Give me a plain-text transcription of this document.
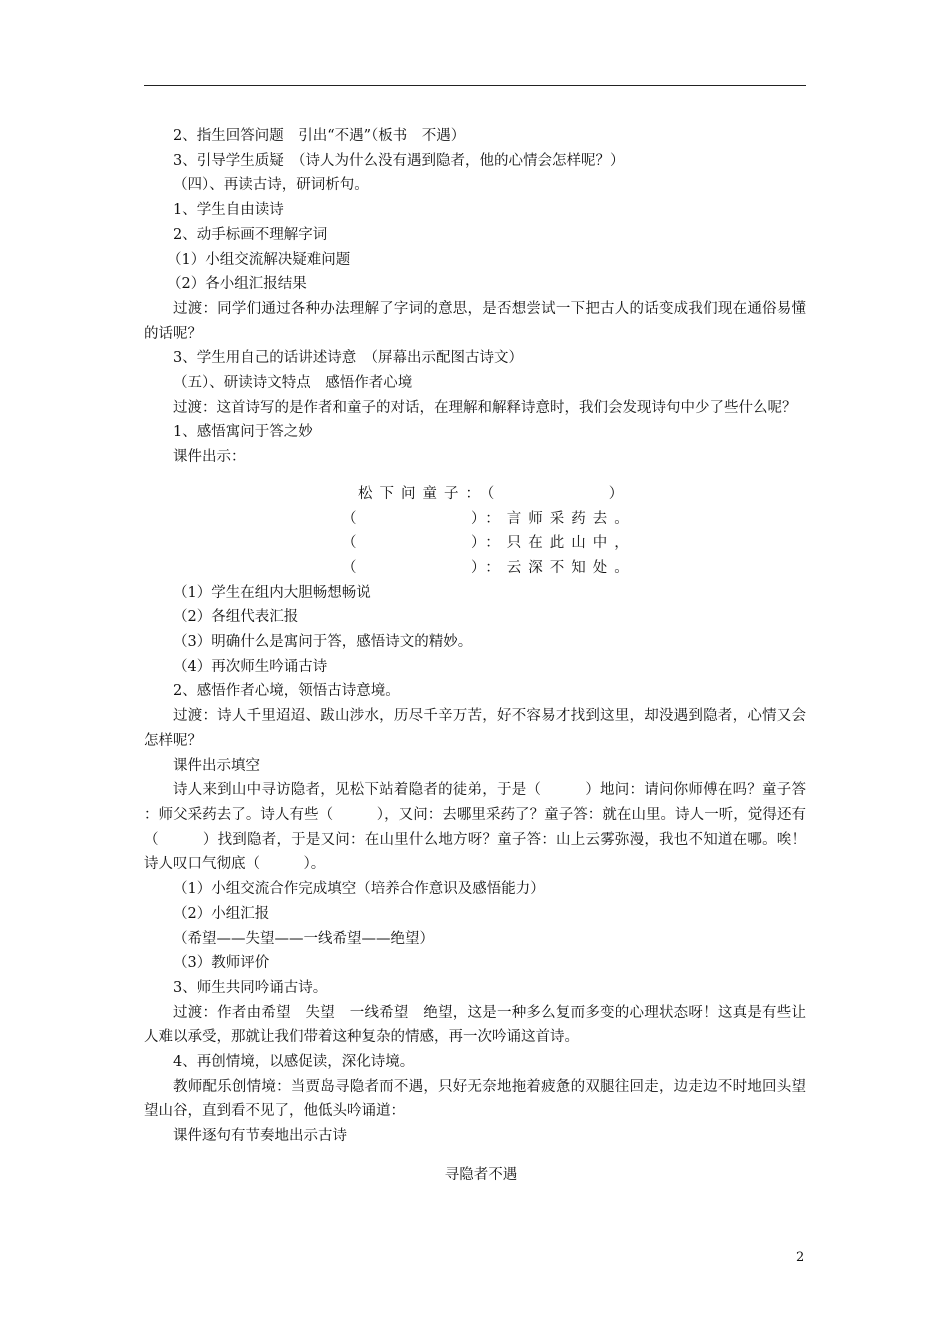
2、指生回答问题　引出“不遇”（板书　不遇）

3、引导学生质疑　（诗人为什么没有遇到隐者，他的心情会怎样呢？）

（四）、再读古诗，研词析句。

1、学生自由读诗

2、动手标画不理解字词

（1）小组交流解决疑难问题

（2）各小组汇报结果

过渡：同学们通过各种办法理解了字词的意思，是否想尝试一下把古人的话变成我们现在通俗易懂的话呢？

3、学生用自己的话讲述诗意　（屏幕出示配图古诗文）

（五）、研读诗文特点　感悟作者心境

过渡：这首诗写的是作者和童子的对话，在理解和解释诗意时，我们会发现诗句中少了些什么呢？

1、感悟寓问于答之妙

课件出示：

松下问童子：（　　　　　）

（　　　　　）：言师采药去。

（　　　　　）：只在此山中，

（　　　　　）：云深不知处。

（1）学生在组内大胆畅想畅说

（2）各组代表汇报

（3）明确什么是寓问于答，感悟诗文的精妙。

（4）再次师生吟诵古诗

2、感悟作者心境，领悟古诗意境。

过渡：诗人千里迢迢、跋山涉水，历尽千辛万苦，好不容易才找到这里，却没遇到隐者，心情又会怎样呢？

课件出示填空

诗人来到山中寻访隐者，见松下站着隐者的徒弟，于是（　　　）地问：请问你师傅在吗？童子答 ：师父采药去了。诗人有些（　　　），又问：去哪里采药了？童子答：就在山里。诗人一听，觉得还有（　　　）找到隐者，于是又问：在山里什么地方呀？童子答：山上云雾弥漫，我也不知道在哪。唉！诗人叹口气彻底（　　　）。

（1）小组交流合作完成填空（培养合作意识及感悟能力）

（2）小组汇报

（希望——失望——一线希望——绝望）

（3）教师评价

3、师生共同吟诵古诗。

过渡：作者由希望　失望　一线希望　绝望，这是一种多么复而多变的心理状态呀！这真是有些让人难以承受，那就让我们带着这种复杂的情感，再一次吟诵这首诗。

4、再创情境，以感促读，深化诗境。

教师配乐创情境：当贾岛寻隐者而不遇，只好无奈地拖着疲惫的双腿往回走，边走边不时地回头望望山谷，直到看不见了，他低头吟诵道：

课件逐句有节奏地出示古诗

寻隐者不遇

2
